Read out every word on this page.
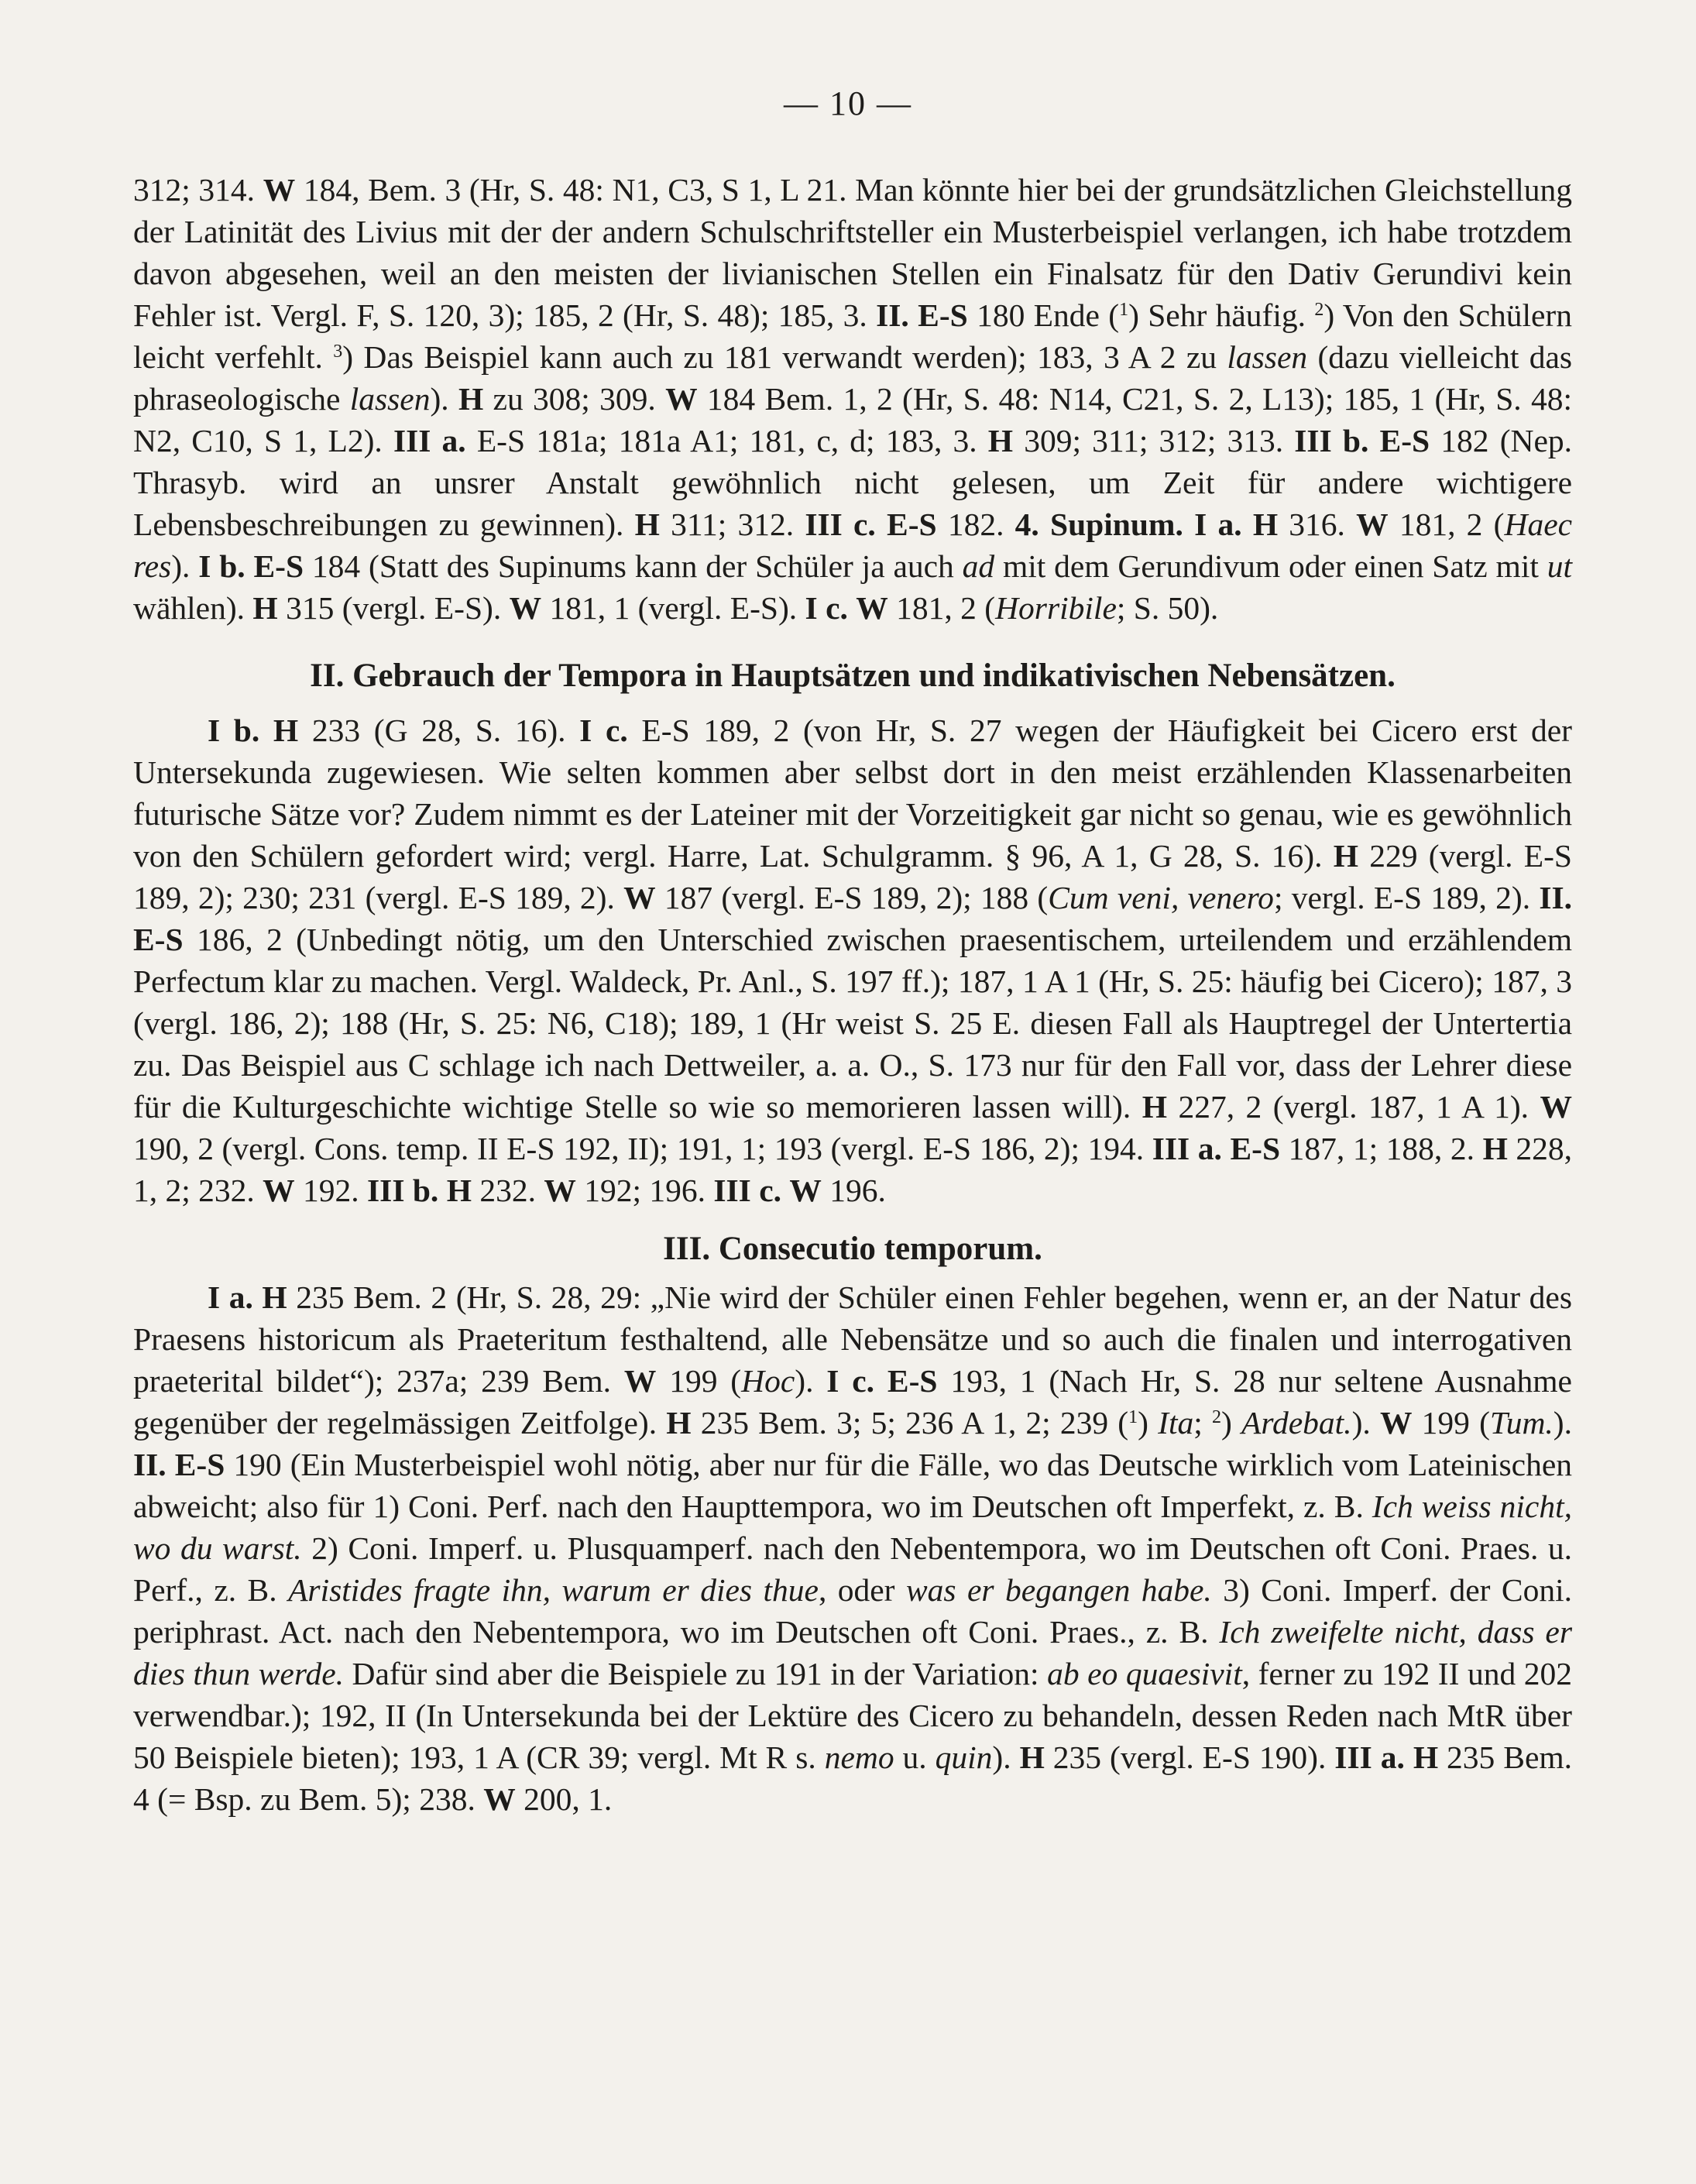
— 10 —

312; 314. W 184, Bem. 3 (Hr, S. 48: N1, C3, S 1, L 21. Man könnte hier bei der grundsätzlichen Gleichstellung der Latinität des Livius mit der der andern Schulschriftsteller ein Musterbeispiel verlangen, ich habe trotzdem davon abgesehen, weil an den meisten der livianischen Stellen ein Finalsatz für den Dativ Gerundivi kein Fehler ist. Vergl. F, S. 120, 3); 185, 2 (Hr, S. 48); 185, 3. II. E-S 180 Ende ($^1$) Sehr häufig. $^2$) Von den Schülern leicht verfehlt. $^3$) Das Beispiel kann auch zu 181 verwandt werden); 183, 3 A 2 zu lassen (dazu vielleicht das phraseologische lassen). H zu 308; 309. W 184 Bem. 1, 2 (Hr, S. 48: N14, C21, S. 2, L13); 185, 1 (Hr, S. 48: N2, C10, S 1, L2). III a. E-S 181a; 181a A1; 181, c, d; 183, 3. H 309; 311; 312; 313. III b. E-S 182 (Nep. Thrasyb. wird an unsrer Anstalt gewöhnlich nicht gelesen, um Zeit für andere wichtigere Lebensbeschreibungen zu gewinnen). H 311; 312. III c. E-S 182. 4. Supinum. I a. H 316. W 181, 2 (Haec res). I b. E-S 184 (Statt des Supinums kann der Schüler ja auch ad mit dem Gerundivum oder einen Satz mit ut wählen). H 315 (vergl. E-S). W 181, 1 (vergl. E-S). I c. W 181, 2 (Horribile; S. 50).

II. Gebrauch der Tempora in Hauptsätzen und indikativischen Nebensätzen.

I b. H 233 (G 28, S. 16). I c. E-S 189, 2 (von Hr, S. 27 wegen der Häufigkeit bei Cicero erst der Untersekunda zugewiesen. Wie selten kommen aber selbst dort in den meist erzählenden Klassenarbeiten futurische Sätze vor? Zudem nimmt es der Lateiner mit der Vorzeitigkeit gar nicht so genau, wie es gewöhnlich von den Schülern gefordert wird; vergl. Harre, Lat. Schulgramm. § 96, A 1, G 28, S. 16). H 229 (vergl. E-S 189, 2); 230; 231 (vergl. E-S 189, 2). W 187 (vergl. E-S 189, 2); 188 (Cum veni, venero; vergl. E-S 189, 2). II. E-S 186, 2 (Unbedingt nötig, um den Unterschied zwischen praesentischem, urteilendem und erzählendem Perfectum klar zu machen. Vergl. Waldeck, Pr. Anl., S. 197 ff.); 187, 1 A 1 (Hr, S. 25: häufig bei Cicero); 187, 3 (vergl. 186, 2); 188 (Hr, S. 25: N6, C18); 189, 1 (Hr weist S. 25 E. diesen Fall als Hauptregel der Untertertia zu. Das Beispiel aus C schlage ich nach Dettweiler, a. a. O., S. 173 nur für den Fall vor, dass der Lehrer diese für die Kulturgeschichte wichtige Stelle so wie so memorieren lassen will). H 227, 2 (vergl. 187, 1 A 1). W 190, 2 (vergl. Cons. temp. II E-S 192, II); 191, 1; 193 (vergl. E-S 186, 2); 194. III a. E-S 187, 1; 188, 2. H 228, 1, 2; 232. W 192. III b. H 232. W 192; 196. III c. W 196.

III. Consecutio temporum.

I a. H 235 Bem. 2 (Hr, S. 28, 29: „Nie wird der Schüler einen Fehler begehen, wenn er, an der Natur des Praesens historicum als Praeteritum festhaltend, alle Nebensätze und so auch die finalen und interrogativen praeterital bildet“); 237a; 239 Bem. W 199 (Hoc). I c. E-S 193, 1 (Nach Hr, S. 28 nur seltene Ausnahme gegenüber der regelmässigen Zeitfolge). H 235 Bem. 3; 5; 236 A 1, 2; 239 ($^1$) Ita; $^2$) Ardebat.). W 199 (Tum.). II. E-S 190 (Ein Musterbeispiel wohl nötig, aber nur für die Fälle, wo das Deutsche wirklich vom Lateinischen abweicht; also für 1) Coni. Perf. nach den Haupttempora, wo im Deutschen oft Imperfekt, z. B. Ich weiss nicht, wo du warst. 2) Coni. Imperf. u. Plusquamperf. nach den Nebentempora, wo im Deutschen oft Coni. Praes. u. Perf., z. B. Aristides fragte ihn, warum er dies thue, oder was er begangen habe. 3) Coni. Imperf. der Coni. periphrast. Act. nach den Nebentempora, wo im Deutschen oft Coni. Praes., z. B. Ich zweifelte nicht, dass er dies thun werde. Dafür sind aber die Beispiele zu 191 in der Variation: ab eo quaesivit, ferner zu 192 II und 202 verwendbar.); 192, II (In Untersekunda bei der Lektüre des Cicero zu behandeln, dessen Reden nach MtR über 50 Beispiele bieten); 193, 1 A (CR 39; vergl. Mt R s. nemo u. quin). H 235 (vergl. E-S 190). III a. H 235 Bem. 4 (= Bsp. zu Bem. 5); 238. W 200, 1.
